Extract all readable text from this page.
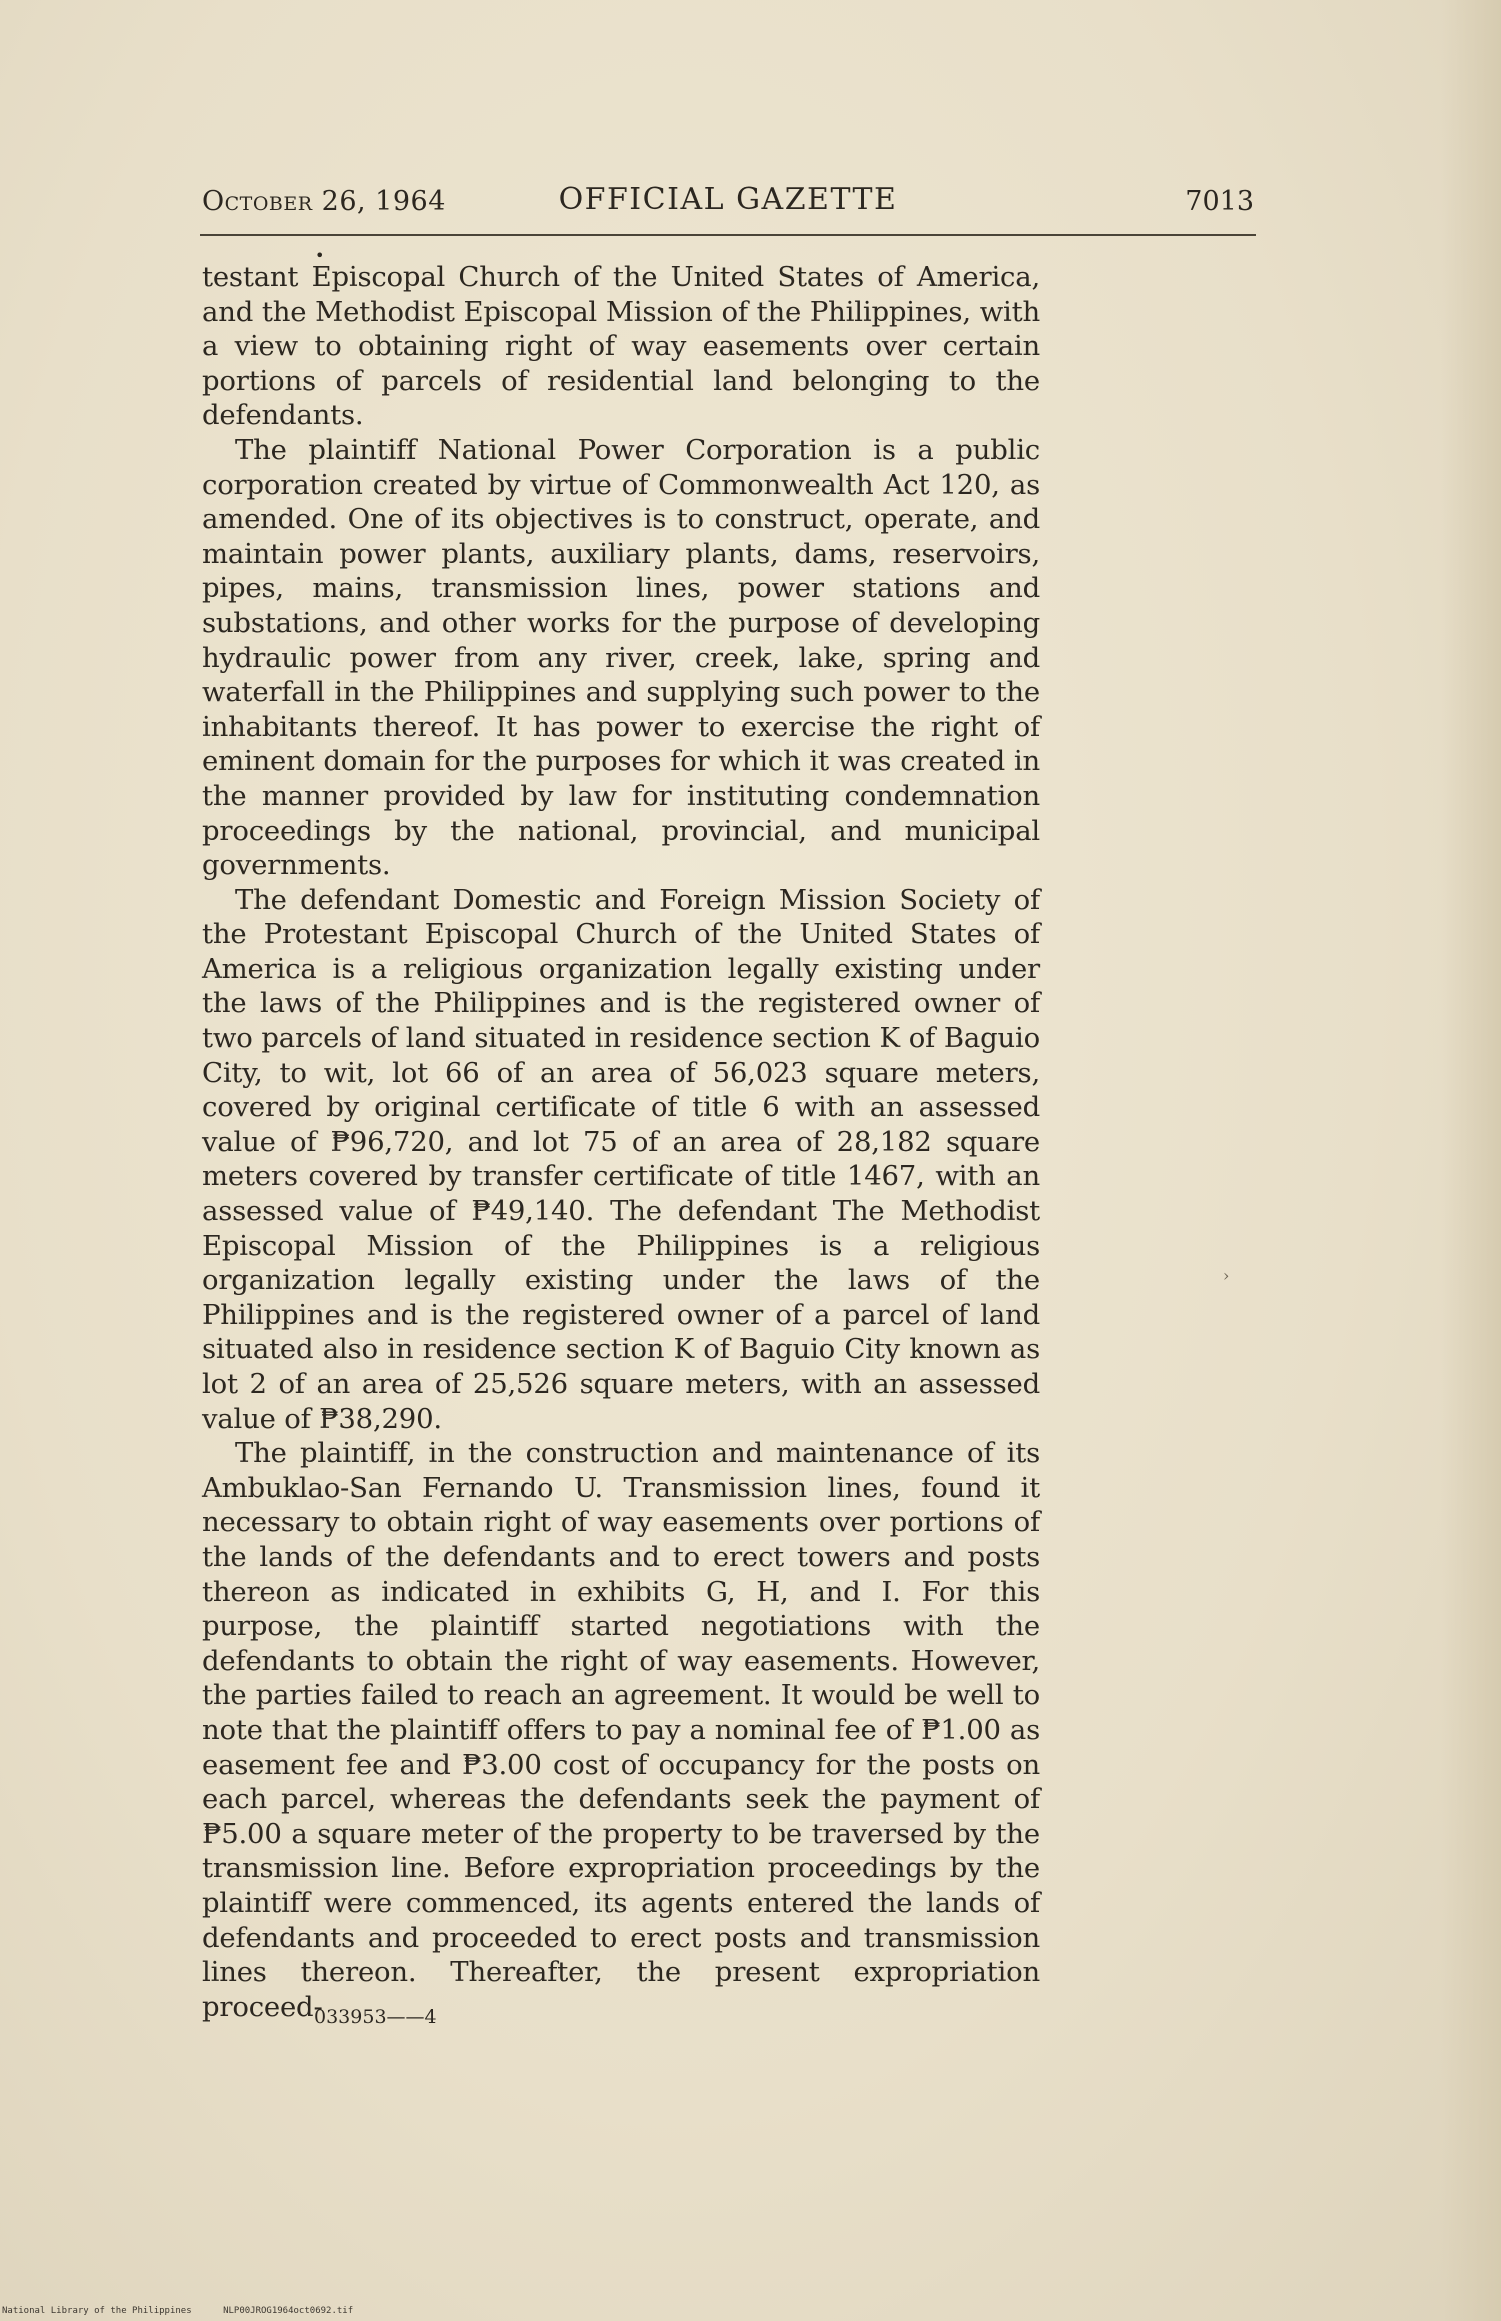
October 26, 1964	OFFICIAL GAZETTE	7013
•

testant Episcopal Church of the United States of America, and the Methodist Episcopal Mission of the Philippines, with a view to obtaining right of way easements over certain portions of parcels of residential land belonging to the defendants.

The plaintiff National Power Corporation is a public corporation created by virtue of Commonwealth Act 120, as amended. One of its objectives is to construct, operate, and maintain power plants, auxiliary plants, dams, reservoirs, pipes, mains, transmission lines, power stations and substations, and other works for the purpose of developing hydraulic power from any river, creek, lake, spring and waterfall in the Philippines and supplying such power to the inhabitants thereof. It has power to exercise the right of eminent domain for the purposes for which it was created in the manner provided by law for instituting condemnation proceedings by the national, provincial, and municipal governments.

The defendant Domestic and Foreign Mission Society of the Protestant Episcopal Church of the United States of America is a religious organization legally existing under the laws of the Philippines and is the registered owner of two parcels of land situated in residence section K of Baguio City, to wit, lot 66 of an area of 56,023 square meters, covered by original certificate of title 6 with an assessed value of ₱96,720, and lot 75 of an area of 28,182 square meters covered by transfer certificate of title 1467, with an assessed value of ₱49,140. The defendant The Methodist Episcopal Mission of the Philippines is a religious organization legally existing under the laws of the Philippines and is the registered owner of a parcel of land situated also in residence section K of Baguio City known as lot 2 of an area of 25,526 square meters, with an assessed value of ₱38,290.

The plaintiff, in the construction and maintenance of its Ambuklao-San Fernando U. Transmission lines, found it necessary to obtain right of way easements over portions of the lands of the defendants and to erect towers and posts thereon as indicated in exhibits G, H, and I. For this purpose, the plaintiff started negotiations with the defendants to obtain the right of way easements. However, the parties failed to reach an agreement. It would be well to note that the plaintiff offers to pay a nominal fee of ₱1.00 as easement fee and ₱3.00 cost of occupancy for the posts on each parcel, whereas the defendants seek the payment of ₱5.00 a square meter of the property to be traversed by the transmission line. Before expropriation proceedings by the plaintiff were commenced, its agents entered the lands of defendants and proceeded to erect posts and transmission lines thereon. Thereafter, the present expropriation proceed-

033953——4
›
National Library of the Philippines	NLP00JROG1964oct0692.tif
